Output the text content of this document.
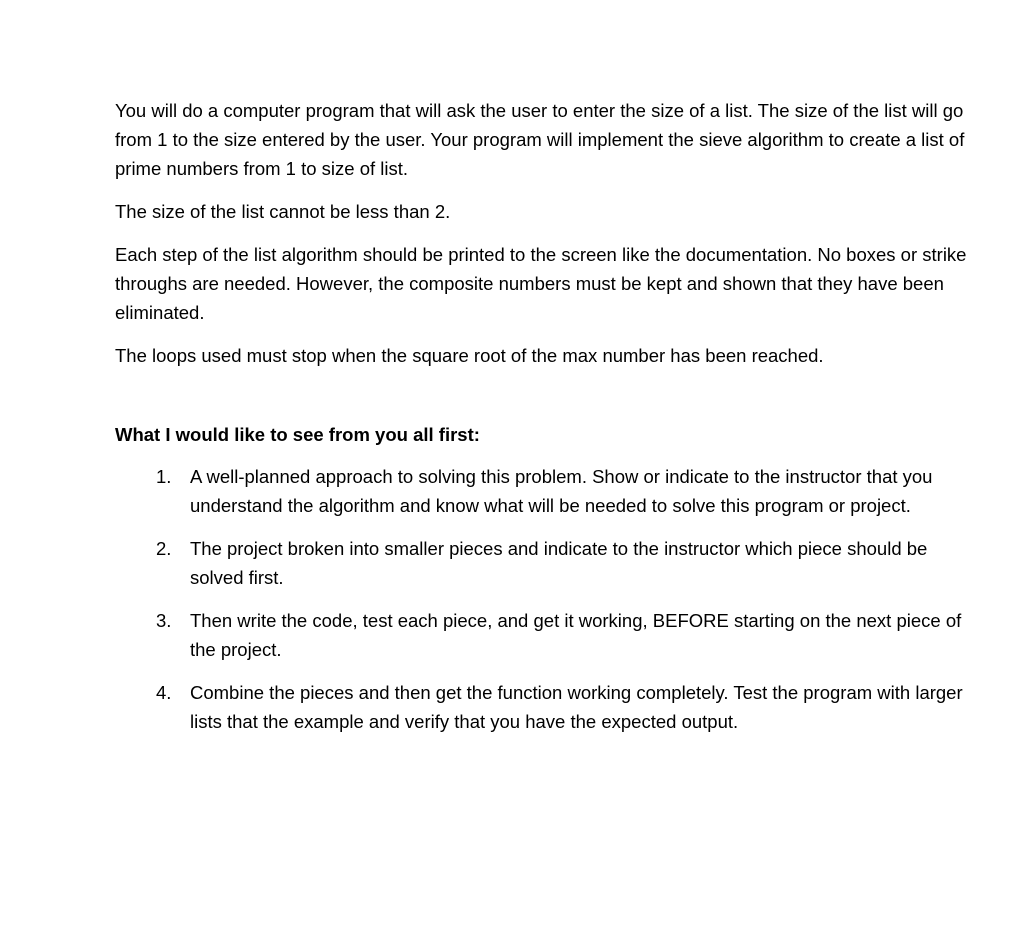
You will do a computer program that will ask the user to enter the size of a list. The size of the list will go from 1 to the size entered by the user. Your program will implement the sieve algorithm to create a list of prime numbers from 1 to size of list.

The size of the list cannot be less than 2.

Each step of the list algorithm should be printed to the screen like the documentation. No boxes or strike throughs are needed. However, the composite numbers must be kept and shown that they have been eliminated.

The loops used must stop when the square root of the max number has been reached.

What I would like to see from you all first:

1. A well-planned approach to solving this problem. Show or indicate to the instructor that you understand the algorithm and know what will be needed to solve this program or project.
2. The project broken into smaller pieces and indicate to the instructor which piece should be solved first.
3. Then write the code, test each piece, and get it working, BEFORE starting on the next piece of the project.
4. Combine the pieces and then get the function working completely. Test the program with larger lists that the example and verify that you have the expected output.
